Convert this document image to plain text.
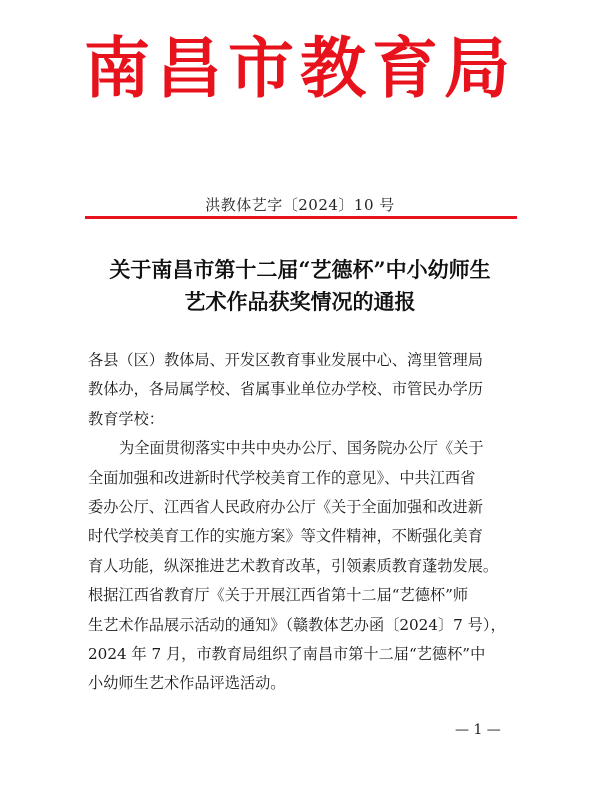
南昌市教育局
洪教体艺字〔2024〕10 号
关于南昌市第十二届“艺德杯”中小幼师生
艺术作品获奖情况的通报
各县（区）教体局、开发区教育事业发展中心、湾里管理局
教体办，各局属学校、省属事业单位办学校、市管民办学历
教育学校：
为全面贯彻落实中共中央办公厅、国务院办公厅《关于
全面加强和改进新时代学校美育工作的意见》、中共江西省
委办公厅、江西省人民政府办公厅《关于全面加强和改进新
时代学校美育工作的实施方案》等文件精神，不断强化美育
育人功能，纵深推进艺术教育改革，引领素质教育蓬勃发展。
根据江西省教育厅《关于开展江西省第十二届“艺德杯”师
生艺术作品展示活动的通知》（赣教体艺办函〔2024〕7 号），
2024 年 7 月，市教育局组织了南昌市第十二届“艺德杯”中
小幼师生艺术作品评选活动。
— 1 —
